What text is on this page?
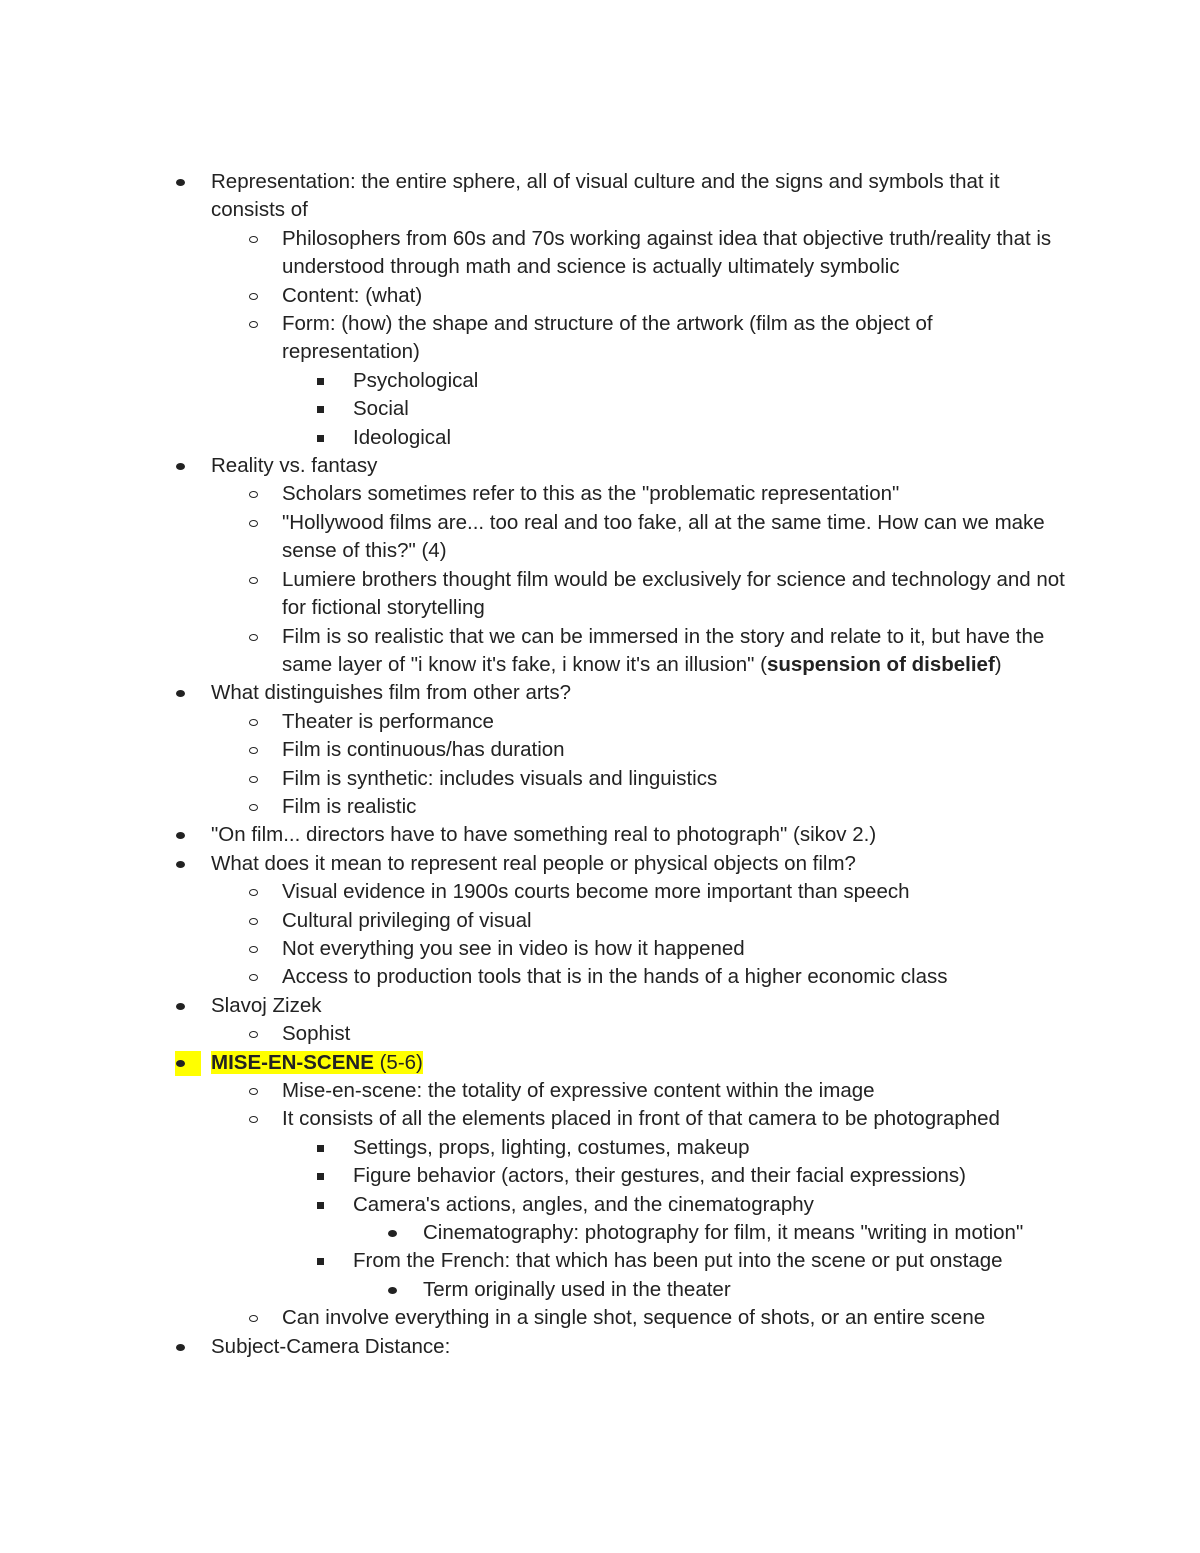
Representation: the entire sphere, all of visual culture and the signs and symbols that it consists of
Philosophers from 60s and 70s working against idea that objective truth/reality that is understood through math and science is actually ultimately symbolic
Content: (what)
Form: (how) the shape and structure of the artwork (film as the object of representation)
Psychological
Social
Ideological
Reality vs. fantasy
Scholars sometimes refer to this as the "problematic representation"
"Hollywood films are... too real and too fake, all at the same time. How can we make sense of this?" (4)
Lumiere brothers thought film would be exclusively for science and technology and not for fictional storytelling
Film is so realistic that we can be immersed in the story and relate to it, but have the same layer of "i know it's fake, i know it's an illusion" (suspension of disbelief)
What distinguishes film from other arts?
Theater is performance
Film is continuous/has duration
Film is synthetic: includes visuals and linguistics
Film is realistic
"On film... directors have to have something real to photograph" (sikov 2.)
What does it mean to represent real people or physical objects on film?
Visual evidence in 1900s courts become more important than speech
Cultural privileging of visual
Not everything you see in video is how it happened
Access to production tools that is in the hands of a higher economic class
Slavoj Zizek
Sophist
MISE-EN-SCENE (5-6)
Mise-en-scene: the totality of expressive content within the image
It consists of all the elements placed in front of that camera to be photographed
Settings, props, lighting, costumes, makeup
Figure behavior (actors, their gestures, and their facial expressions)
Camera's actions, angles, and the cinematography
Cinematography: photography for film, it means "writing in motion"
From the French: that which has been put into the scene or put onstage
Term originally used in the theater
Can involve everything in a single shot, sequence of shots, or an entire scene
Subject-Camera Distance:
